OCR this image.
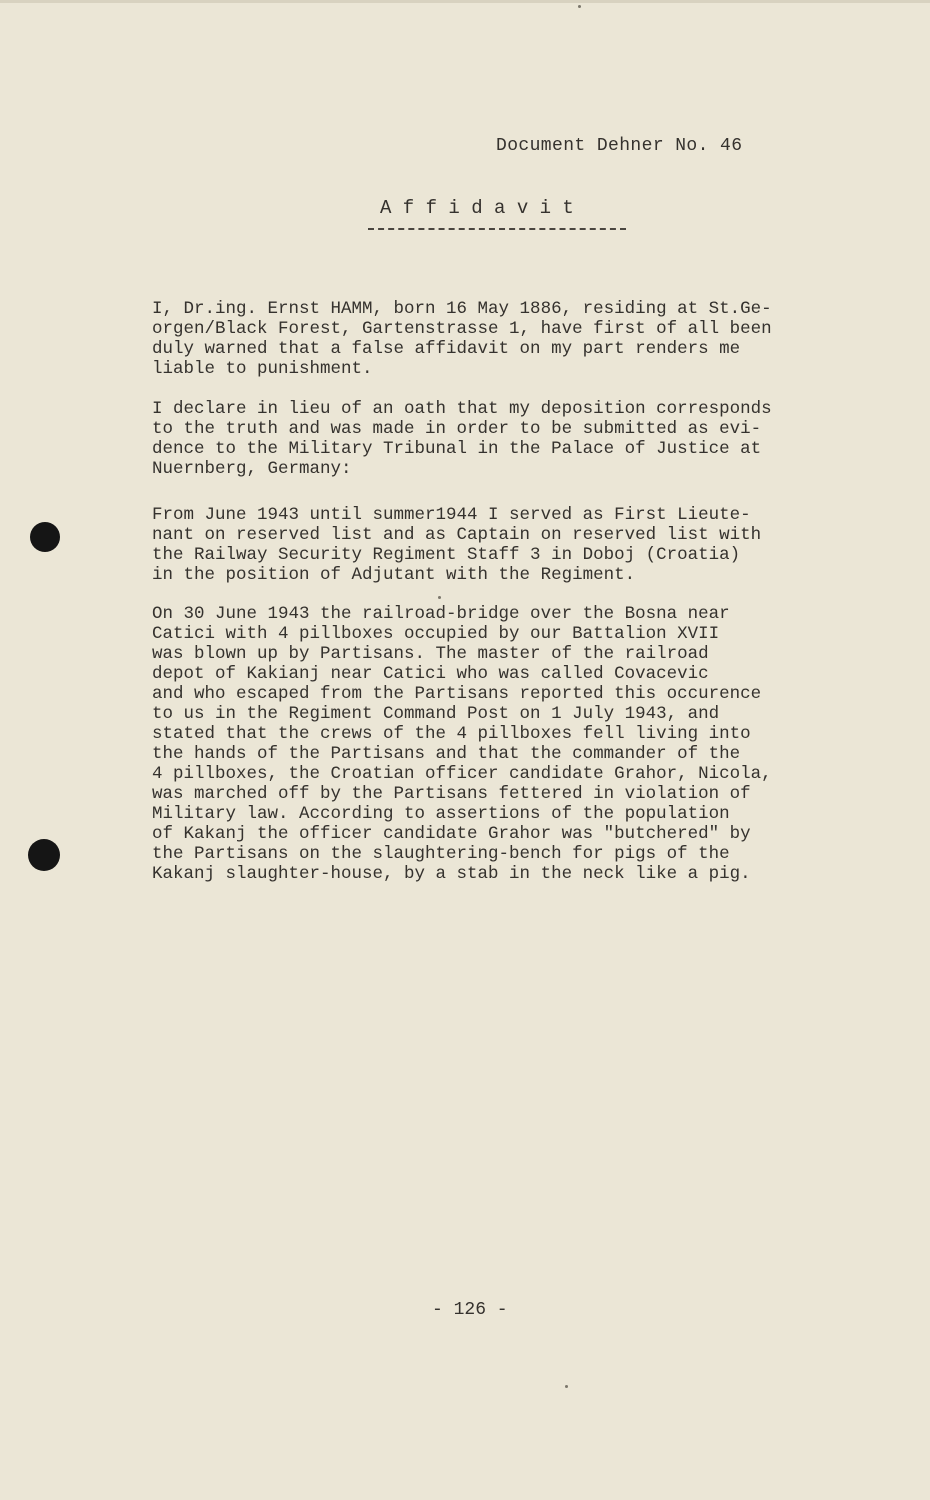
Document Dehner No. 46
A f f i d a v i t
I, Dr.ing. Ernst HAMM, born 16 May 1886, residing at St.Ge-
orgen/Black Forest, Gartenstrasse 1, have first of all been
duly warned that a false affidavit on my part renders me
liable to punishment.
I declare in lieu of an oath that my deposition corresponds
to the truth and was made in order to be submitted as evi-
dence to the Military Tribunal in the Palace of Justice at
Nuernberg, Germany:
From June 1943 until summer1944 I served as First Lieute-
nant on reserved list and as Captain on reserved list with
the Railway Security Regiment Staff 3 in Doboj (Croatia)
in the position of Adjutant with the Regiment.
On 30 June 1943 the railroad-bridge over the Bosna near
Catici with 4 pillboxes occupied by our Battalion XVII
was blown up by Partisans. The master of the railroad
depot of Kakianj near Catici who was called Covacevic
and who escaped from the Partisans reported this occurence
to us in the Regiment Command Post on 1 July 1943, and
stated that the crews of the 4 pillboxes fell living into
the hands of the Partisans and that the commander of the
4 pillboxes, the Croatian officer candidate Grahor, Nicola,
was marched off by the Partisans fettered in violation of
Military law. According to assertions of the population
of Kakanj the officer candidate Grahor was "butchered" by
the Partisans on the slaughtering-bench for pigs of the
Kakanj slaughter-house, by a stab in the neck like a pig.
- 126 -
